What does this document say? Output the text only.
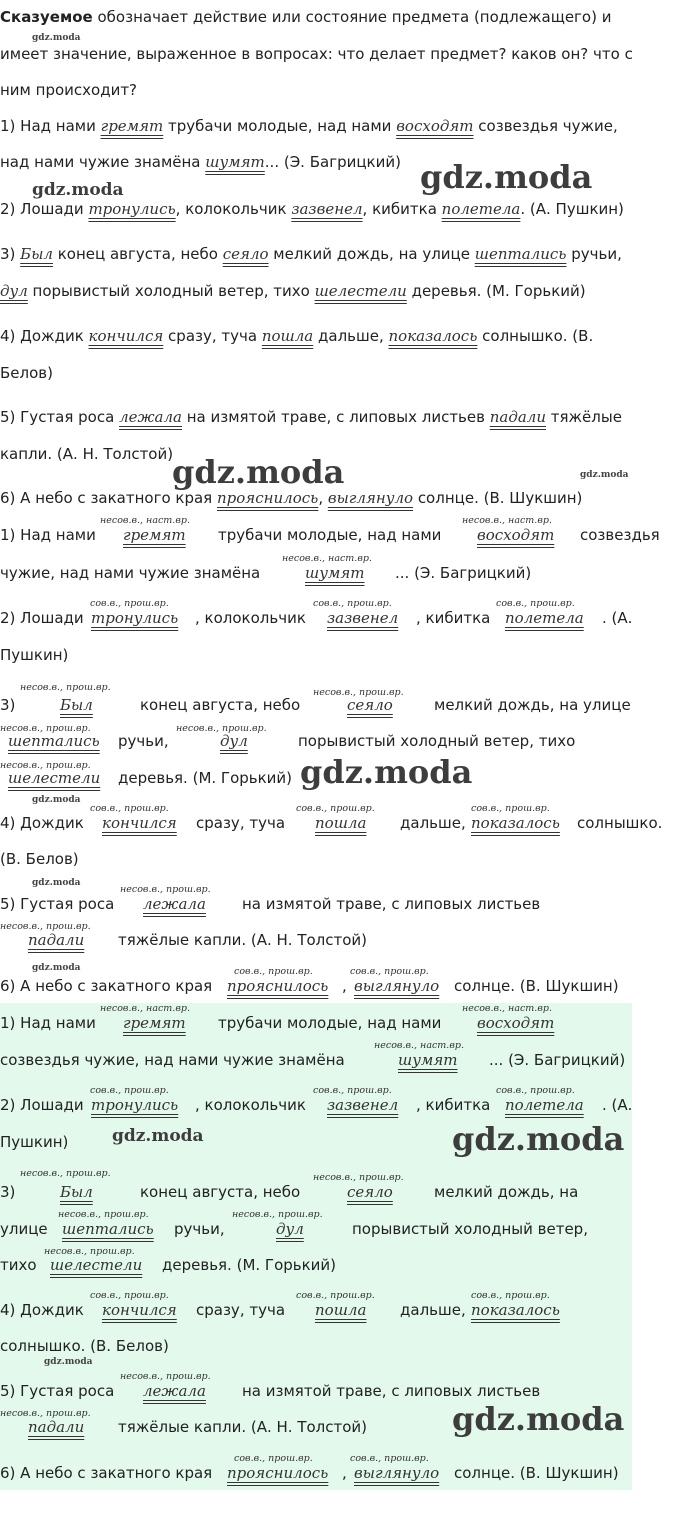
Сказуемое обозначает действие или состояние предмета (подлежащего) и
имеет значение, выраженное в вопросах: что делает предмет? каков он? что с
ним происходит?
1) Над нами гремят трубачи молодые, над нами восходят созвездья чужие,
над нами чужие знамёна шумят... (Э. Багрицкий)
2) Лошади тронулись, колокольчик зазвенел, кибитка полетела. (А. Пушкин)
3) Был конец августа, небо сеяло мелкий дождь, на улице шептались ручьи,
дул порывистый холодный ветер, тихо шелестели деревья. (М. Горький)
4) Дождик кончился сразу, туча пошла дальше, показалось солнышко. (В.
Белов)
5) Густая роса лежала на измятой траве, с липовых листьев падали тяжёлые
капли. (А. Н. Толстой)
6) А небо с закатного края прояснилось, выглянуло солнце. (В. Шукшин)
1) Над нами
несов.в., наст.вр.
гремят трубачи молодые, над нами
несов.в., наст.вр.
восходят созвездья
чужие, над нами чужие знамёна
несов.в., наст.вр.
шумят ... (Э. Багрицкий)
2) Лошади
сов.в., прош.вр.
тронулись , колокольчик
сов.в., прош.вр.
зазвенел , кибитка
сов.в., прош.вр.
полетела . (А.
Пушкин)
3)
несов.в., прош.вр.
Был	конец августа, небо
несов.в., прош.вр.
сеяло	мелкий дождь, на улице
несов.в., прош.вр.
шептались ручьи,
несов.в., прош.вр.
дул	порывистый холодный ветер, тихо
несов.в., прош.вр.
шелестели деревья. (М. Горький)
4) Дождик
сов.в., прош.вр.
кончился сразу, туча
сов.в., прош.вр.
пошла дальше,
сов.в., прош.вр.
показалось солнышко.
(В. Белов)
5) Густая роса
несов.в., прош.вр.
лежала на измятой траве, с липовых листьев
несов.в., прош.вр.
падали тяжёлые капли. (А. Н. Толстой)
6) А небо с закатного края
сов.в., прош.вр.
прояснилось ,
сов.в., прош.вр.
выглянуло солнце. (В. Шукшин)
1) Над нами
несов.в., наст.вр.
гремят трубачи молодые, над нами
несов.в., наст.вр.
восходят
созвездья чужие, над нами чужие знамёна
несов.в., наст.вр.
шумят ... (Э. Багрицкий)
2) Лошади
сов.в., прош.вр.
тронулись , колокольчик
сов.в., прош.вр.
зазвенел , кибитка
сов.в., прош.вр.
полетела . (А.
Пушкин)
несов.в., прош.вр.
3)	Был	конец августа, небо
несов.в., прош.вр.
сеяло	мелкий дождь, на
улице
несов.в., прош.вр.
шептались ручьи,
несов.в., прош.вр.
дул	порывистый холодный ветер,
тихо
несов.в., прош.вр.
шелестели деревья. (М. Горький)
4) Дождик
сов.в., прош.вр.
кончился сразу, туча
сов.в., прош.вр.
пошла дальше,
сов.в., прош.вр.
показалось
солнышко. (В. Белов)
5) Густая роса
несов.в., прош.вр.
лежала на измятой траве, с липовых листьев
несов.в., прош.вр.
падали тяжёлые капли. (А. Н. Толстой)
6) А небо с закатного края
сов.в., прош.вр.
прояснилось ,
сов.в., прош.вр.
выглянуло солнце. (В. Шукшин)
gdz.moda
gdz.moda
gdz.moda
gdz.moda	gdz.moda
gdz.moda
gdz.moda
gdz.moda
gdz.moda
gdz.moda	gdz.moda
gdz.moda
gdz.moda
